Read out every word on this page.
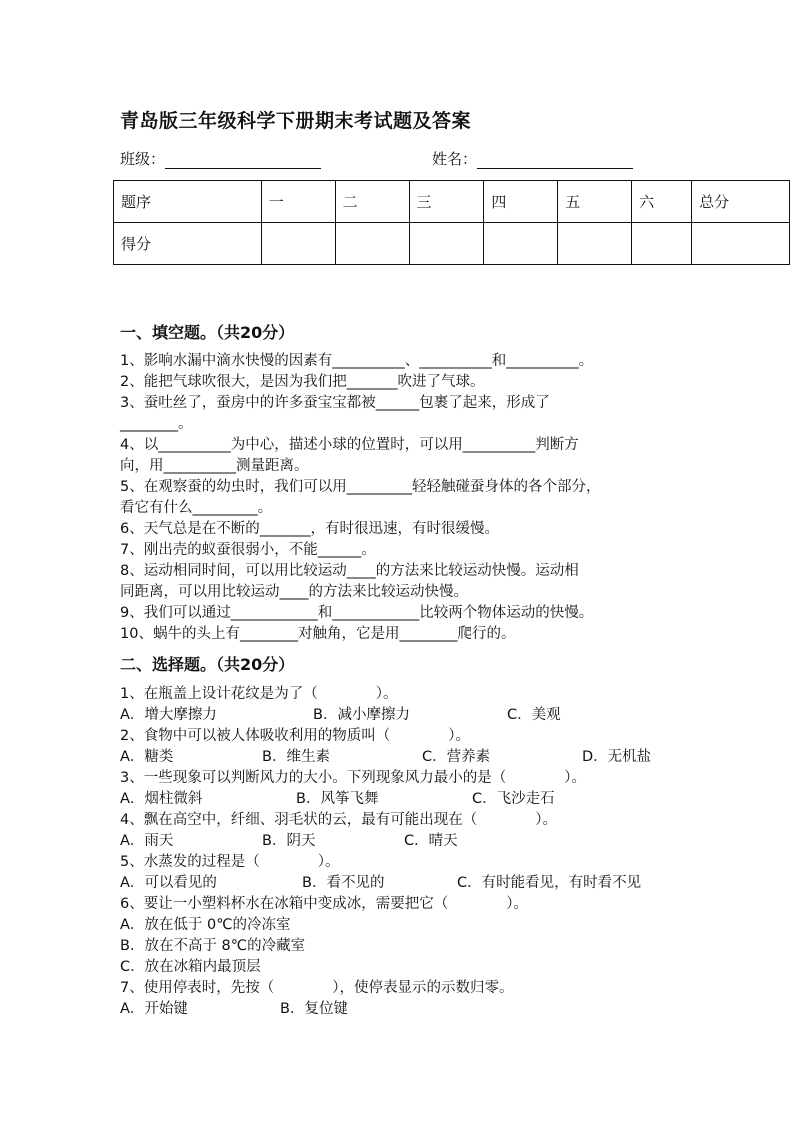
青岛版三年级科学下册期末考试题及答案
班级：	姓名：
题序	一	二	三	四	五	六	总分
得分							
一、填空题。（共20分）
1、影响水漏中滴水快慢的因素有__________、__________和__________。
2、能把气球吹很大，是因为我们把_______吹进了气球。
3、蚕吐丝了，蚕房中的许多蚕宝宝都被______包裹了起来，形成了
________。
4、以__________为中心，描述小球的位置时，可以用__________判断方
向，用__________测量距离。
5、在观察蚕的幼虫时，我们可以用_________轻轻触碰蚕身体的各个部分，
看它有什么_________。
6、天气总是在不断的_______，有时很迅速，有时很缓慢。
7、刚出壳的蚁蚕很弱小，不能______。
8、运动相同时间，可以用比较运动____的方法来比较运动快慢。运动相
同距离，可以用比较运动____的方法来比较运动快慢。
9、我们可以通过____________和____________比较两个物体运动的快慢。
10、蜗牛的头上有________对触角，它是用________爬行的。
二、选择题。（共20分）
1、在瓶盖上设计花纹是为了（　　　　）。
A．增大摩擦力	B．减小摩擦力	C．美观
2、食物中可以被人体吸收利用的物质叫（　　　　）。
A．糖类	B．维生素	C．营养素	D．无机盐
3、一些现象可以判断风力的大小。下列现象风力最小的是（　　　　）。
A．烟柱微斜	B．风筝飞舞	C．飞沙走石
4、飘在高空中，纤细、羽毛状的云，最有可能出现在（　　　　）。
A．雨天	B．阴天	C．晴天
5、水蒸发的过程是（　　　　）。
A．可以看见的	B．看不见的	C．有时能看见，有时看不见
6、要让一小塑料杯水在冰箱中变成冰，需要把它（　　　　）。
A．放在低于 0℃的冷冻室
B．放在不高于 8℃的冷藏室
C．放在冰箱内最顶层
7、使用停表时，先按（　　　　），使停表显示的示数归零。
A．开始键	B．复位键
